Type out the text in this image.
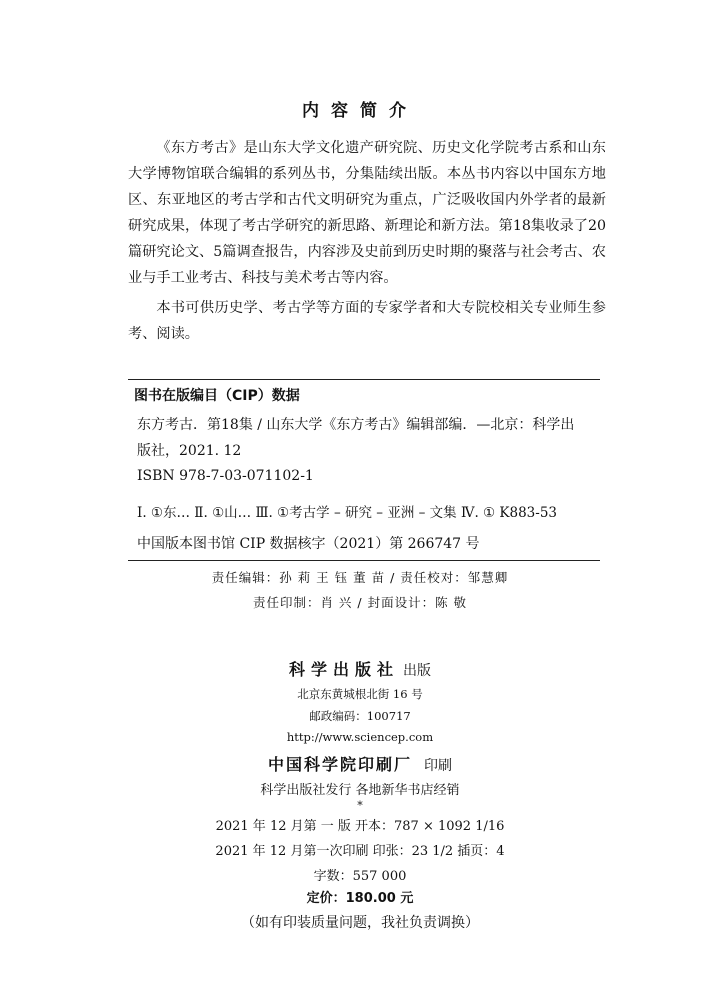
内容简介

《东方考古》是山东大学文化遗产研究院、历史文化学院考古系和山东大学博物馆联合编辑的系列丛书，分集陆续出版。本丛书内容以中国东方地区、东亚地区的考古学和古代文明研究为重点，广泛吸收国内外学者的最新研究成果，体现了考古学研究的新思路、新理论和新方法。第18集收录了20篇研究论文、5篇调查报告，内容涉及史前到历史时期的聚落与社会考古、农业与手工业考古、科技与美术考古等内容。

本书可供历史学、考古学等方面的专家学者和大专院校相关专业师生参考、阅读。

图书在版编目（CIP）数据
东方考古．第18集 / 山东大学《东方考古》编辑部编．—北京：科学出
版社，2021. 12
ISBN 978-7-03-071102-1
Ⅰ. ①东… Ⅱ. ①山… Ⅲ. ①考古学 – 研究 – 亚洲 – 文集 Ⅳ. ① K883-53
中国版本图书馆 CIP 数据核字（2021）第 266747 号
责任编辑：孙 莉 王 钰 董 苗 / 责任校对：邹慧卿
责任印制：肖 兴 / 封面设计：陈 敬
科学出版社 出版
北京东黄城根北街 16 号
邮政编码：100717
http://www.sciencep.com
中国科学院印刷厂 印刷
科学出版社发行 各地新华书店经销
*
2021 年 12 月第 一 版 开本：787 × 1092 1/16
2021 年 12 月第一次印刷 印张：23 1/2 插页：4
字数：557 000
定价：180.00 元
（如有印装质量问题，我社负责调换）
